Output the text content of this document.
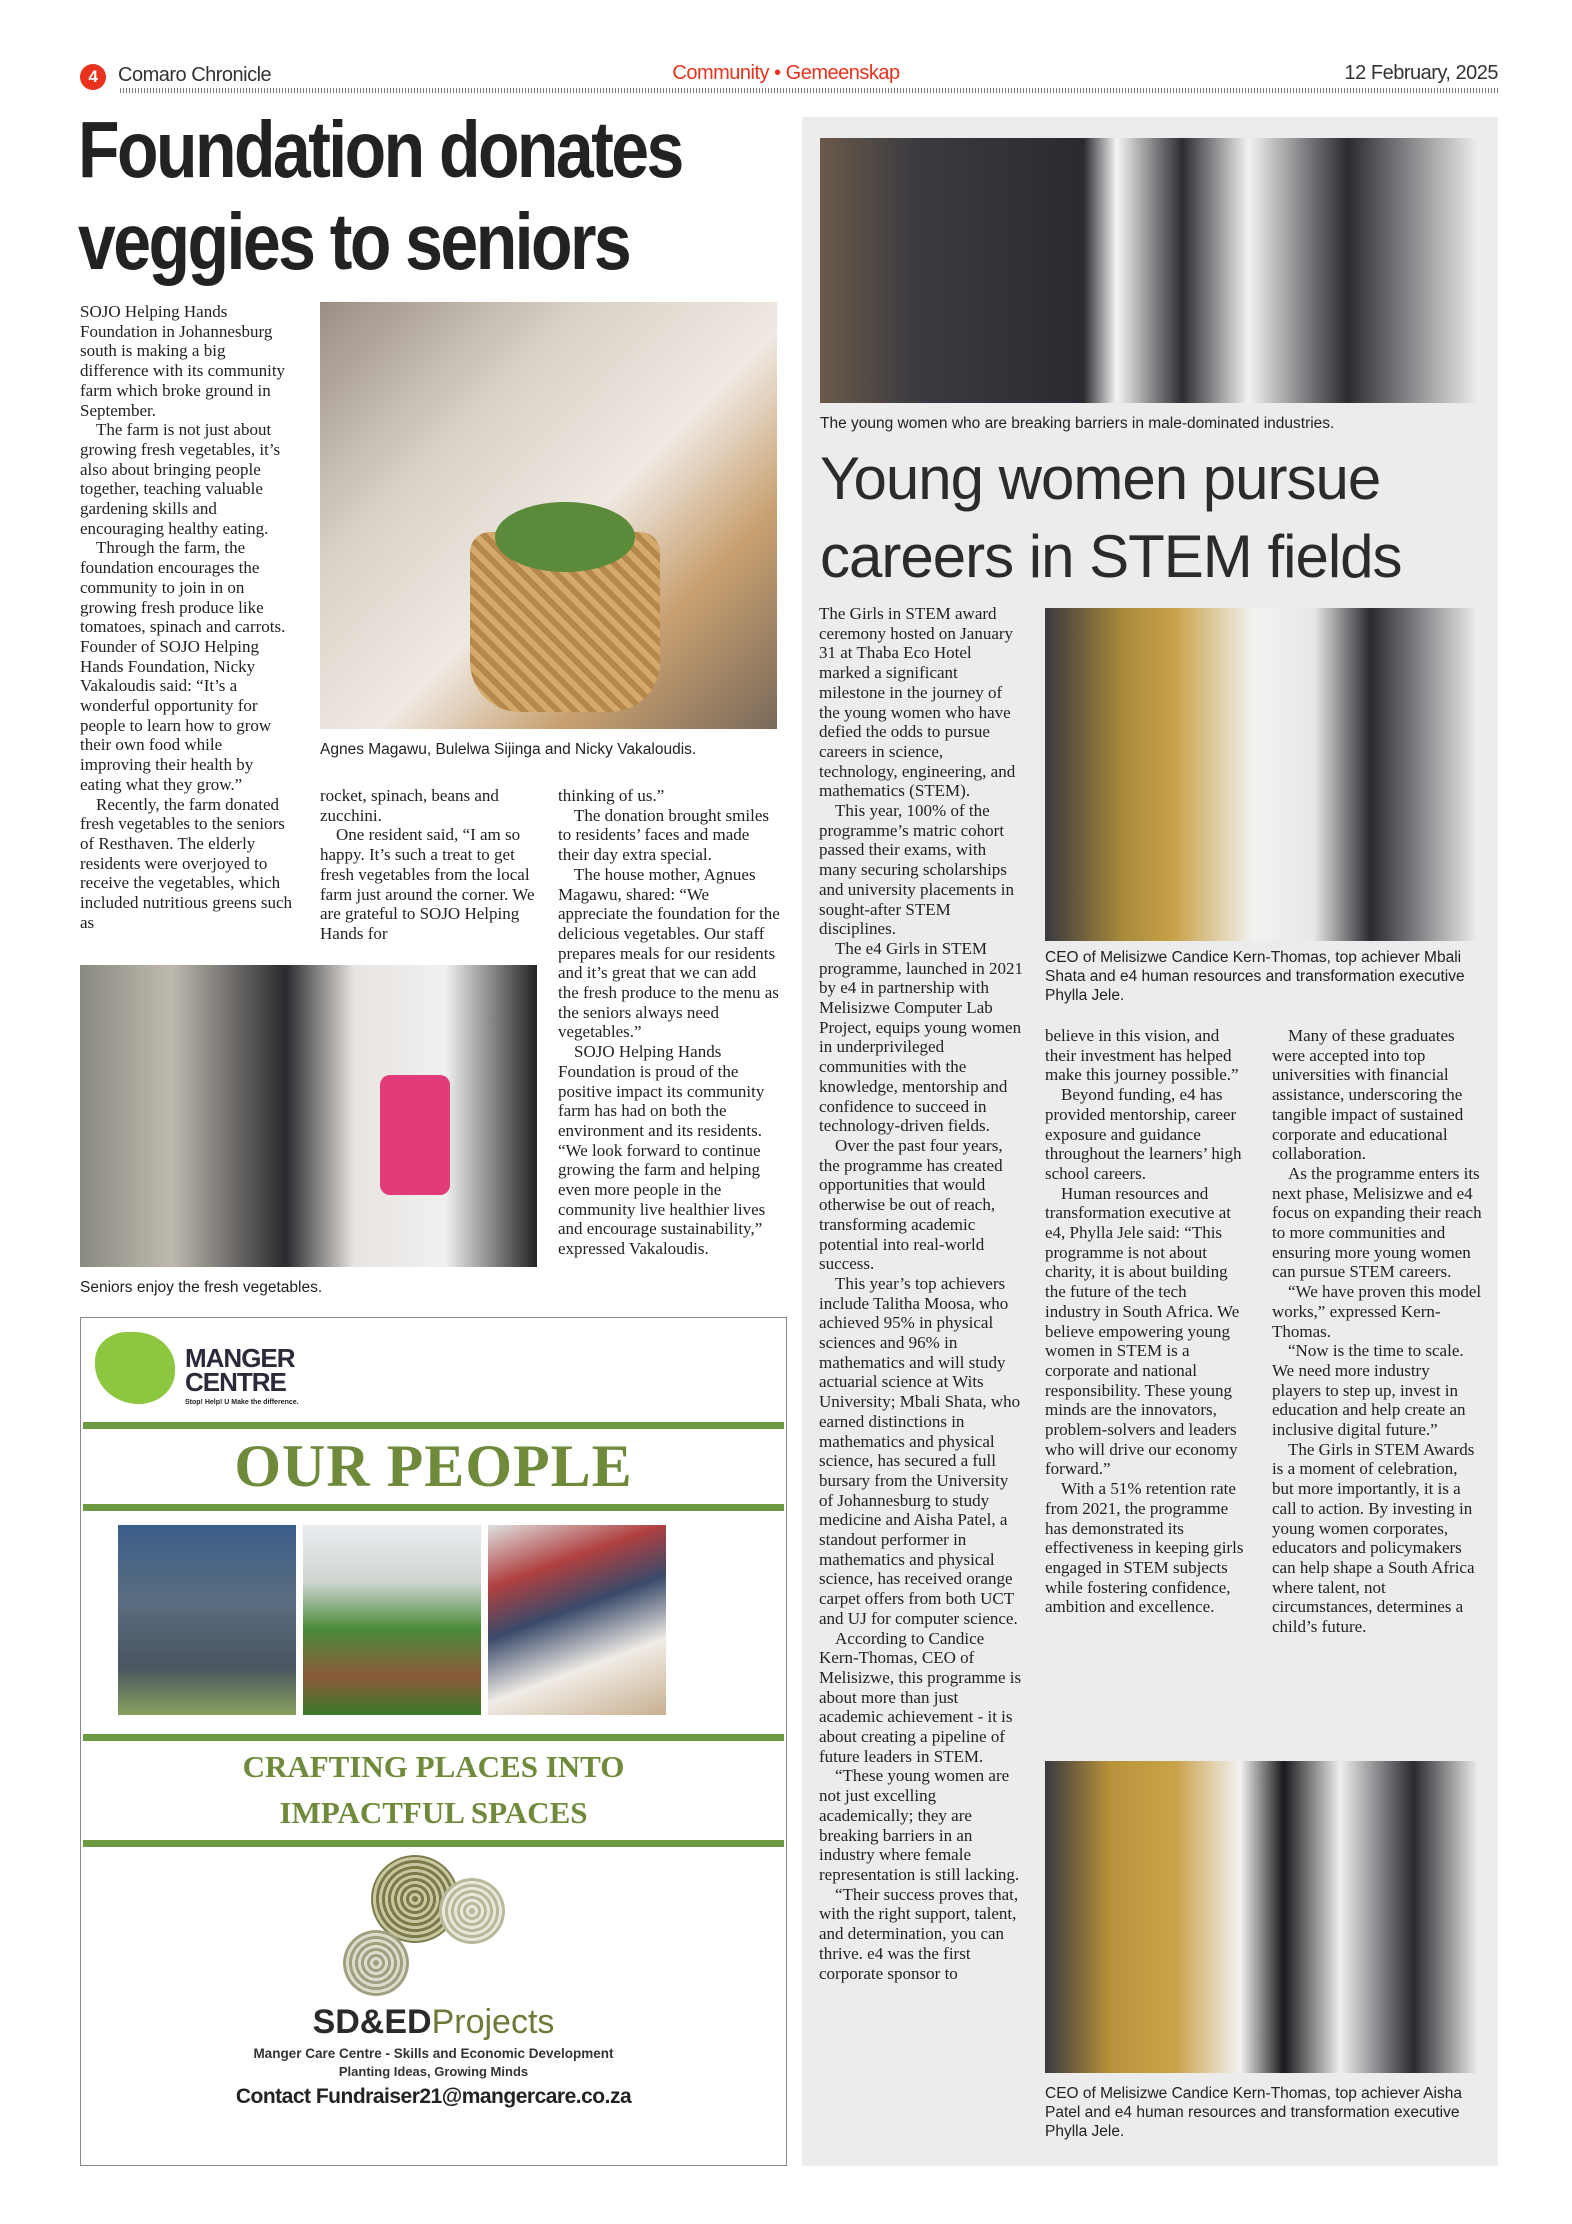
4	Comaro Chronicle	Community • Gemeenskap	12 February, 2025
Foundation donates veggies to seniors

SOJO Helping Hands Foundation in Johannesburg south is making a big difference with its community farm which broke ground in September.

The farm is not just about growing fresh vegetables, it’s also about bringing people together, teaching valuable gardening skills and encouraging healthy eating.

Through the farm, the foundation encourages the community to join in on growing fresh produce like tomatoes, spinach and carrots. Founder of SOJO Helping Hands Foundation, Nicky Vakaloudis said: “It’s a wonderful opportunity for people to learn how to grow their own food while improving their health by eating what they grow.”

Recently, the farm donated fresh vegetables to the seniors of Resthaven. The elderly residents were overjoyed to receive the vegetables, which included nutritious greens such as

Agnes Magawu, Bulelwa Sijinga and Nicky Vakaloudis.

rocket, spinach, beans and zucchini.

One resident said, “I am so happy. It’s such a treat to get fresh vegetables from the local farm just around the corner. We are grateful to SOJO Helping Hands for

thinking of us.”

The donation brought smiles to residents’ faces and made their day extra special.

The house mother, Agnues Magawu, shared: “We appreciate the foundation for the delicious vegetables. Our staff prepares meals for our residents and it’s great that we can add the fresh produce to the menu as the seniors always need vegetables.”

SOJO Helping Hands Foundation is proud of the positive impact its community farm has had on both the environment and its residents. “We look forward to continue growing the farm and helping even more people in the community live healthier lives and encourage sustainability,” expressed Vakaloudis.

Seniors enjoy the fresh vegetables.
MANGER
CENTRE
Stop! Help! U Make the difference.
OUR PEOPLE
CRAFTING PLACES INTO
IMPACTFUL SPACES
SD&EDProjects
Manger Care Centre - Skills and Economic Development
Planting Ideas, Growing Minds
Contact Fundraiser21@mangercare.co.za
The young women who are breaking barriers in male-dominated industries.
Young women pursue careers in STEM fields

The Girls in STEM award ceremony hosted on January 31 at Thaba Eco Hotel marked a significant milestone in the journey of the young women who have defied the odds to pursue careers in science, technology, engineering, and mathematics (STEM).

This year, 100% of the programme’s matric cohort passed their exams, with many securing scholarships and university placements in sought-after STEM disciplines.

The e4 Girls in STEM programme, launched in 2021 by e4 in partnership with Melisizwe Computer Lab Project, equips young women in underprivileged communities with the knowledge, mentorship and confidence to succeed in technology-driven fields.

Over the past four years, the programme has created opportunities that would otherwise be out of reach, transforming academic potential into real-world success.

This year’s top achievers include Talitha Moosa, who achieved 95% in physical sciences and 96% in mathematics and will study actuarial science at Wits University; Mbali Shata, who earned distinctions in mathematics and physical science, has secured a full bursary from the University of Johannesburg to study medicine and Aisha Patel, a standout performer in mathematics and physical science, has received orange carpet offers from both UCT and UJ for computer science.

According to Candice Kern-Thomas, CEO of Melisizwe, this programme is about more than just academic achievement - it is about creating a pipeline of future leaders in STEM.

“These young women are not just excelling academically; they are breaking barriers in an industry where female representation is still lacking.

“Their success proves that, with the right support, talent, and determination, you can thrive. e4 was the first corporate sponsor to

CEO of Melisizwe Candice Kern-Thomas, top achiever Mbali Shata and e4 human resources and transformation executive Phylla Jele.

believe in this vision, and their investment has helped make this journey possible.”

Beyond funding, e4 has provided mentorship, career exposure and guidance throughout the learners’ high school careers.

Human resources and transformation executive at e4, Phylla Jele said: “This programme is not about charity, it is about building the future of the tech industry in South Africa. We believe empowering young women in STEM is a corporate and national responsibility. These young minds are the innovators, problem-solvers and leaders who will drive our economy forward.”

With a 51% retention rate from 2021, the programme has demonstrated its effectiveness in keeping girls engaged in STEM subjects while fostering confidence, ambition and excellence.

Many of these graduates were accepted into top universities with financial assistance, underscoring the tangible impact of sustained corporate and educational collaboration.

As the programme enters its next phase, Melisizwe and e4 focus on expanding their reach to more communities and ensuring more young women can pursue STEM careers.

“We have proven this model works,” expressed Kern-Thomas.

“Now is the time to scale. We need more industry players to step up, invest in education and help create an inclusive digital future.”

The Girls in STEM Awards is a moment of celebration, but more importantly, it is a call to action. By investing in young women corporates, educators and policymakers can help shape a South Africa where talent, not circumstances, determines a child’s future.

CEO of Melisizwe Candice Kern-Thomas, top achiever Aisha Patel and e4 human resources and transformation executive Phylla Jele.
